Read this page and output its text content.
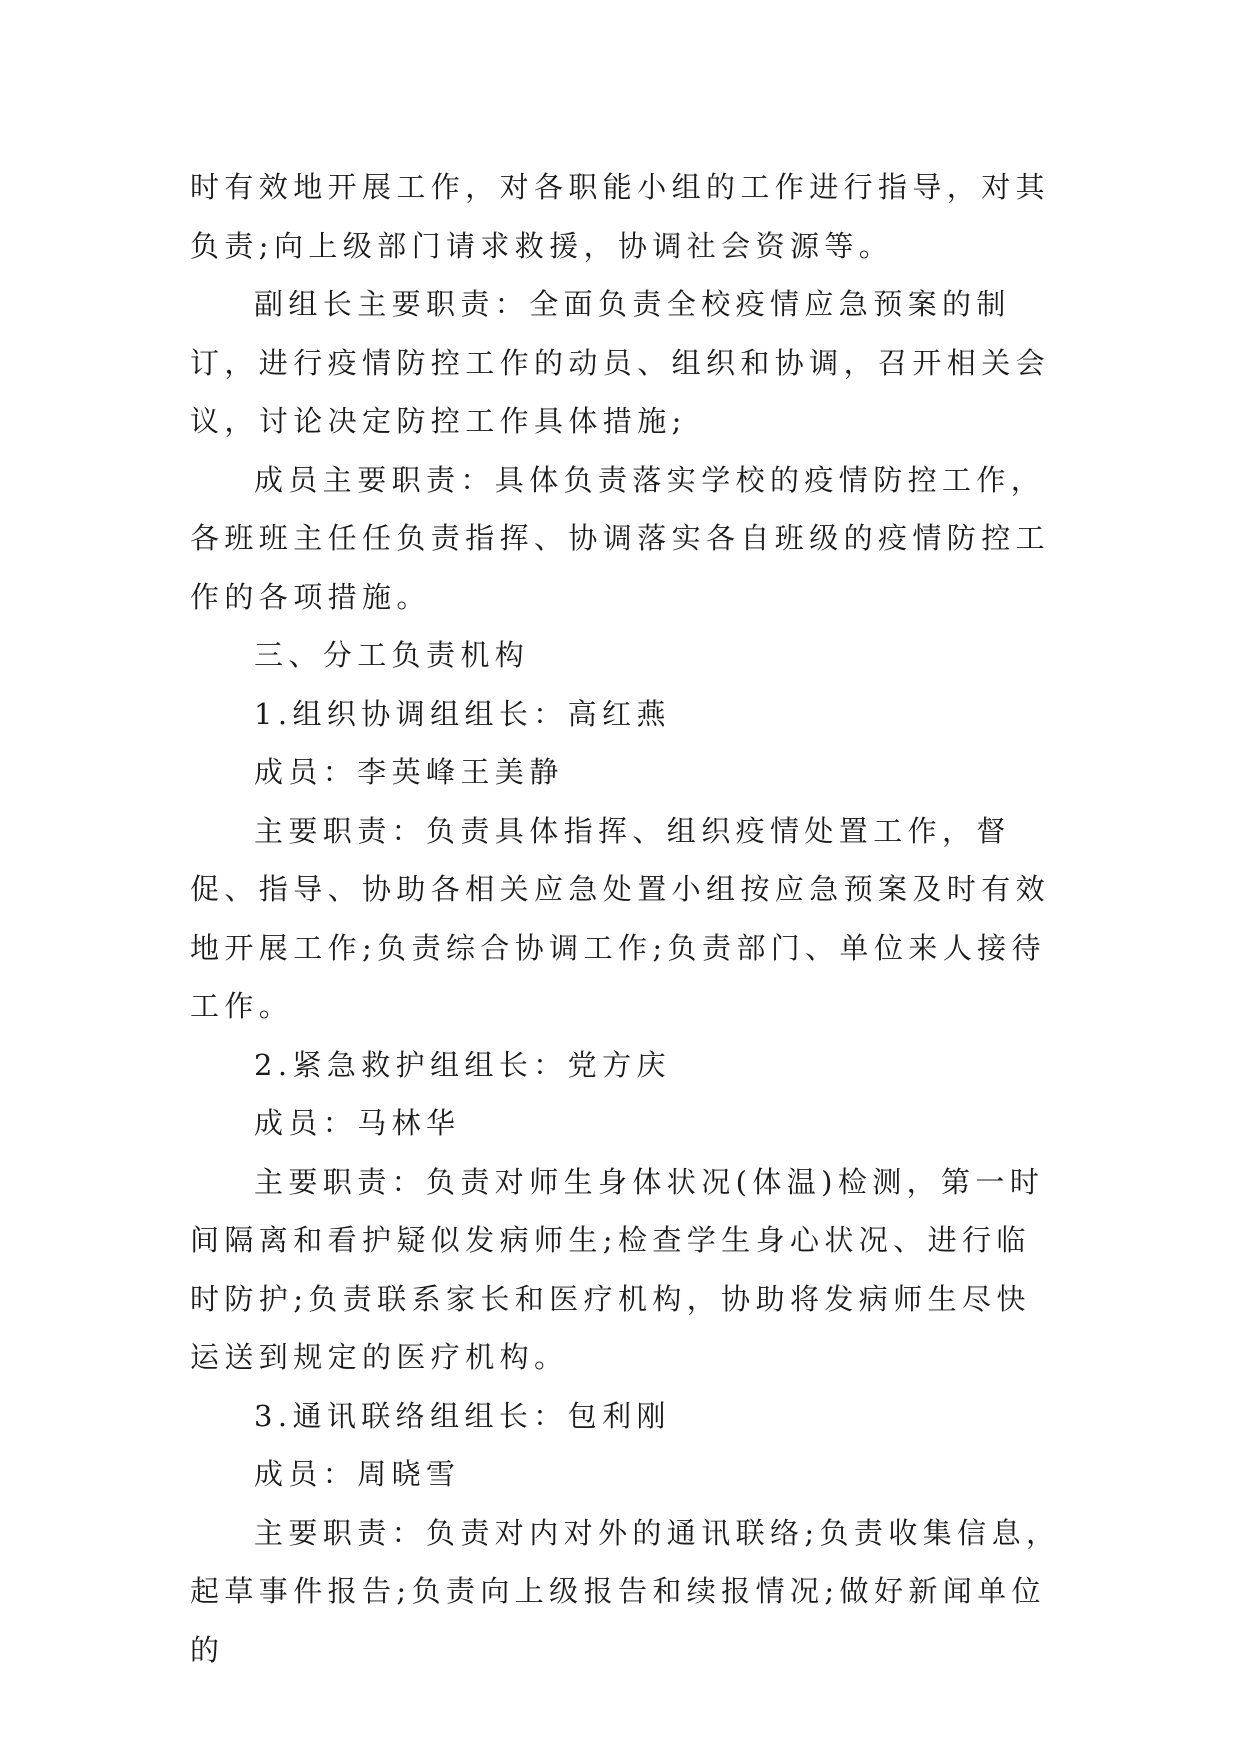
时有效地开展工作，对各职能小组的工作进行指导，对其负责;向上级部门请求救援，协调社会资源等。

副组长主要职责：全面负责全校疫情应急预案的制订，进行疫情防控工作的动员、组织和协调，召开相关会议，讨论决定防控工作具体措施;

成员主要职责：具体负责落实学校的疫情防控工作，各班班主任任负责指挥、协调落实各自班级的疫情防控工作的各项措施。

三、分工负责机构

1.组织协调组组长：高红燕

成员：李英峰王美静

主要职责：负责具体指挥、组织疫情处置工作，督促、指导、协助各相关应急处置小组按应急预案及时有效地开展工作;负责综合协调工作;负责部门、单位来人接待工作。

2.紧急救护组组长：党方庆

成员：马林华

主要职责：负责对师生身体状况(体温)检测，第一时间隔离和看护疑似发病师生;检查学生身心状况、进行临时防护;负责联系家长和医疗机构，协助将发病师生尽快运送到规定的医疗机构。

3.通讯联络组组长：包利刚

成员：周晓雪

主要职责：负责对内对外的通讯联络;负责收集信息，起草事件报告;负责向上级报告和续报情况;做好新闻单位的
